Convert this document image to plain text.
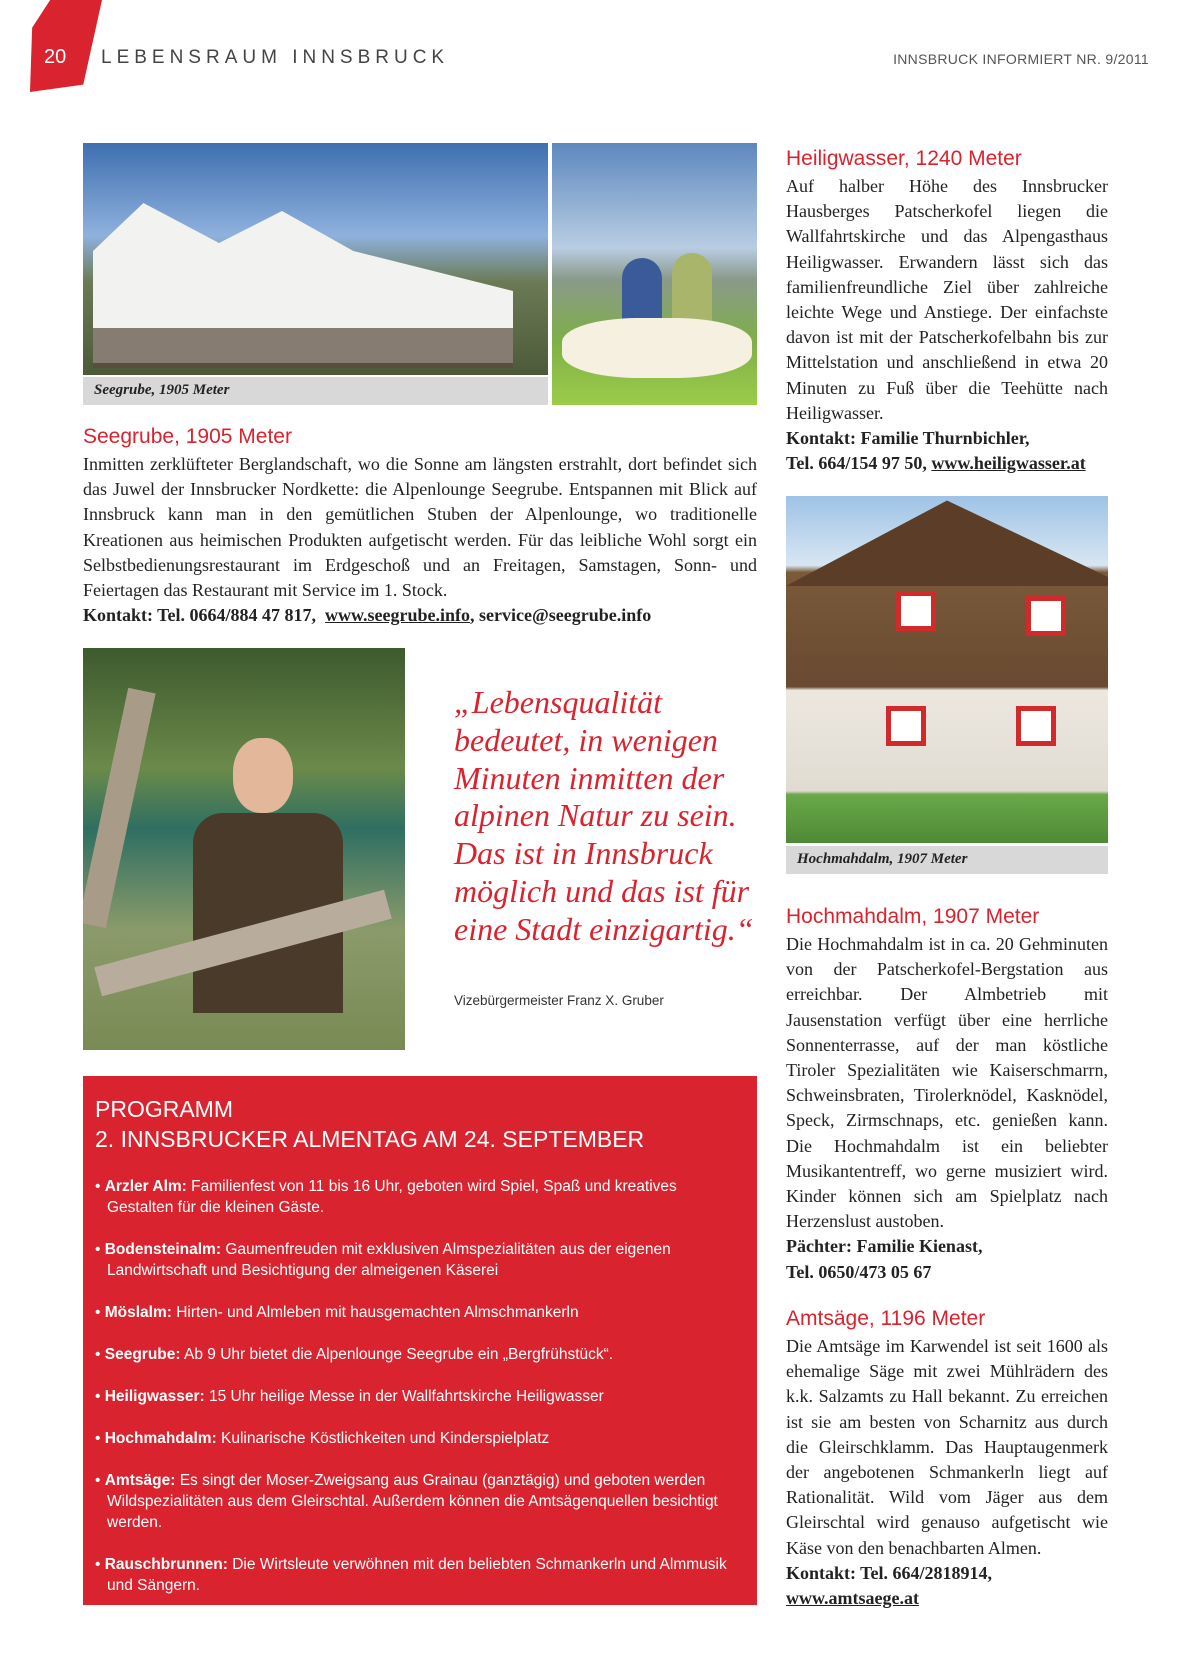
20 LEBENSRAUM INNSBRUCK	INNSBRUCK INFORMIERT NR. 9/2011
Seegrube, 1905 Meter
Seegrube, 1905 Meter
Inmitten zerklüfteter Berglandschaft, wo die Sonne am längsten erstrahlt, dort befindet sich das Juwel der Innsbrucker Nordkette: die Alpenlounge Seegrube. Entspannen mit Blick auf Innsbruck kann man in den gemütlichen Stuben der Alpenlounge, wo traditionelle Kreationen aus heimischen Produkten aufgetischt werden. Für das leibliche Wohl sorgt ein Selbstbedienungsrestaurant im Erdgeschoß und an Freitagen, Samstagen, Sonn- und Feiertagen das Restaurant mit Service im 1. Stock.
Kontakt: Tel. 0664/884 47 817, www.seegrube.info, service@seegrube.info
„Lebensqualität bedeutet, in wenigen Minuten inmitten der alpinen Natur zu sein. Das ist in Innsbruck möglich und das ist für eine Stadt einzigartig.“
Vizebürgermeister Franz X. Gruber
PROGRAMM
2. INNSBRUCKER ALMENTAG AM 24. SEPTEMBER
• Arzler Alm: Familienfest von 11 bis 16 Uhr, geboten wird Spiel, Spaß und kreatives Gestalten für die kleinen Gäste.
• Bodensteinalm: Gaumenfreuden mit exklusiven Almspezialitäten aus der eigenen Landwirtschaft und Besichtigung der almeigenen Käserei
• Möslalm: Hirten- und Almleben mit hausgemachten Almschmankerln
• Seegrube: Ab 9 Uhr bietet die Alpenlounge Seegrube ein „Bergfrühstück“.
• Heiligwasser: 15 Uhr heilige Messe in der Wallfahrtskirche Heiligwasser
• Hochmahdalm: Kulinarische Köstlichkeiten und Kinderspielplatz
• Amtsäge: Es singt der Moser-Zweigsang aus Grainau (ganztägig) und geboten werden Wildspezialitäten aus dem Gleirschtal. Außerdem können die Amtsägenquellen besichtigt werden.
• Rauschbrunnen: Die Wirtsleute verwöhnen mit den beliebten Schmankerln und Almmusik und Sängern.
Heiligwasser, 1240 Meter
Auf halber Höhe des Innsbrucker Hausberges Patscherkofel liegen die Wallfahrtskirche und das Alpengasthaus Heiligwasser. Erwandern lässt sich das familienfreundliche Ziel über zahlreiche leichte Wege und Anstiege. Der einfachste davon ist mit der Patscherkofelbahn bis zur Mittelstation und anschließend in etwa 20 Minuten zu Fuß über die Teehütte nach Heiligwasser.
Kontakt: Familie Thurnbichler,
Tel. 664/154 97 50, www.heiligwasser.at
Hochmahdalm, 1907 Meter
Hochmahdalm, 1907 Meter
Die Hochmahdalm ist in ca. 20 Gehminuten von der Patscherkofel-Bergstation aus erreichbar. Der Almbetrieb mit Jausenstation verfügt über eine herrliche Sonnenterrasse, auf der man köstliche Tiroler Spezialitäten wie Kaiserschmarrn, Schweinsbraten, Tirolerknödel, Kasknödel, Speck, Zirmschnaps, etc. genießen kann. Die Hochmahdalm ist ein beliebter Musikantentreff, wo gerne musiziert wird. Kinder können sich am Spielplatz nach Herzenslust austoben.
Pächter: Familie Kienast,
Tel. 0650/473 05 67
Amtsäge, 1196 Meter
Die Amtsäge im Karwendel ist seit 1600 als ehemalige Säge mit zwei Mühlrädern des k.k. Salzamts zu Hall bekannt. Zu erreichen ist sie am besten von Scharnitz aus durch die Gleirschklamm. Das Hauptaugenmerk der angebotenen Schmankerln liegt auf Rationalität. Wild vom Jäger aus dem Gleirschtal wird genauso aufgetischt wie Käse von den benachbarten Almen.
Kontakt: Tel. 664/2818914,
www.amtsaege.at
